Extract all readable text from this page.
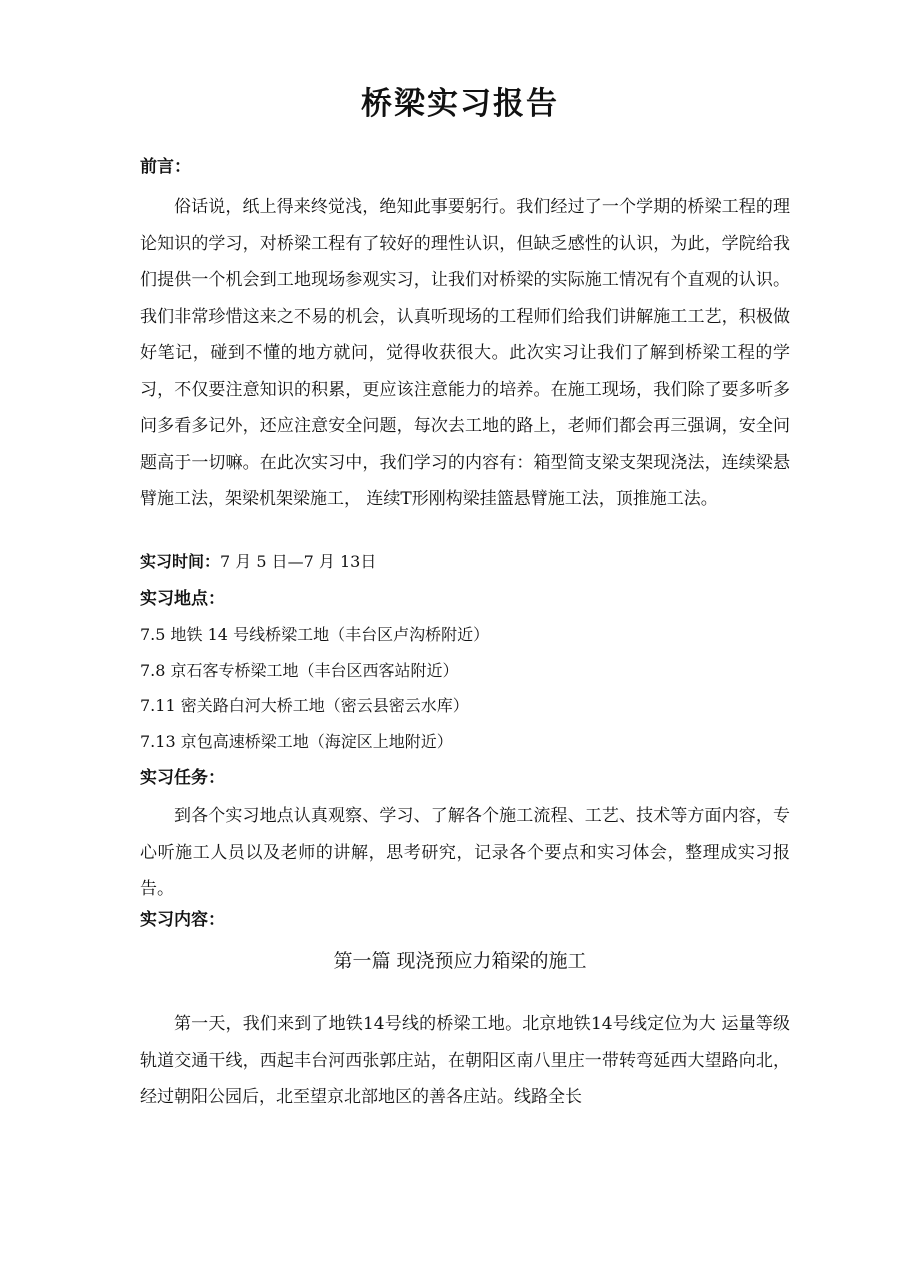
桥梁实习报告
前言：
俗话说，纸上得来终觉浅，绝知此事要躬行。我们经过了一个学期的桥梁工程的理论知识的学习，对桥梁工程有了较好的理性认识，但缺乏感性的认识，为此，学院给我们提供一个机会到工地现场参观实习，让我们对桥梁的实际施工情况有个直观的认识。我们非常珍惜这来之不易的机会，认真听现场的工程师们给我们讲解施工工艺，积极做好笔记，碰到不懂的地方就问，觉得收获很大。此次实习让我们了解到桥梁工程的学习，不仅要注意知识的积累，更应该注意能力的培养。在施工现场，我们除了要多听多问多看多记外，还应注意安全问题，每次去工地的路上，老师们都会再三强调，安全问题高于一切嘛。在此次实习中，我们学习的内容有：箱型简支梁支架现浇法，连续梁悬臂施工法，架梁机架梁施工， 连续T形刚构梁挂篮悬臂施工法，顶推施工法。
实习时间：7 月 5 日—7 月 13日
实习地点：
7.5 地铁 14 号线桥梁工地（丰台区卢沟桥附近）
7.8 京石客专桥梁工地（丰台区西客站附近）
7.11 密关路白河大桥工地（密云县密云水库）
7.13 京包高速桥梁工地（海淀区上地附近）
实习任务：
到各个实习地点认真观察、学习、了解各个施工流程、工艺、技术等方面内容，专心听施工人员以及老师的讲解，思考研究，记录各个要点和实习体会，整理成实习报告。
实习内容：
第一篇 现浇预应力箱梁的施工
第一天，我们来到了地铁14号线的桥梁工地。北京地铁14号线定位为大 运量等级轨道交通干线，西起丰台河西张郭庄站，在朝阳区南八里庄一带转弯延西大望路向北，经过朝阳公园后，北至望京北部地区的善各庄站。线路全长
